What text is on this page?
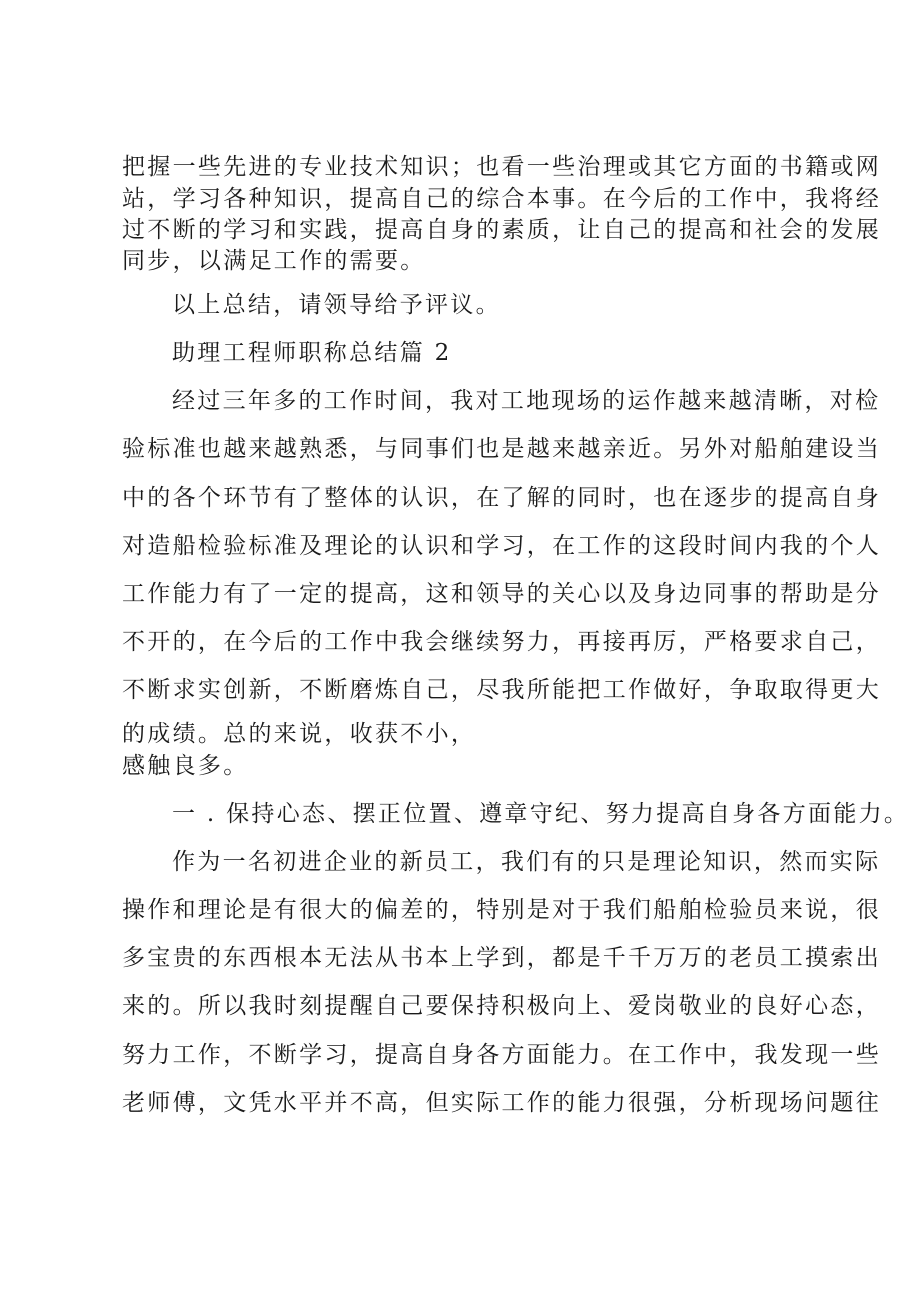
把握一些先进的专业技术知识；也看一些治理或其它方面的书籍或网
站，学习各种知识，提高自己的综合本事。在今后的工作中，我将经
过不断的学习和实践，提高自身的素质，让自己的提高和社会的发展
同步，以满足工作的需要。
以上总结，请领导给予评议。
助理工程师职称总结篇 2
经过三年多的工作时间，我对工地现场的运作越来越清晰，对检
验标准也越来越熟悉，与同事们也是越来越亲近。另外对船舶建设当
中的各个环节有了整体的认识，在了解的同时，也在逐步的提高自身
对造船检验标准及理论的认识和学习，在工作的这段时间内我的个人
工作能力有了一定的提高，这和领导的关心以及身边同事的帮助是分
不开的，在今后的工作中我会继续努力，再接再厉，严格要求自己，
不断求实创新，不断磨炼自己，尽我所能把工作做好，争取取得更大
的成绩。总的来说，收获不小，
感触良多。
一 . 保持心态、摆正位置、遵章守纪、努力提高自身各方面能力。
作为一名初进企业的新员工，我们有的只是理论知识，然而实际
操作和理论是有很大的偏差的，特别是对于我们船舶检验员来说，很
多宝贵的东西根本无法从书本上学到，都是千千万万的老员工摸索出
来的。所以我时刻提醒自己要保持积极向上、爱岗敬业的良好心态，
努力工作，不断学习，提高自身各方面能力。在工作中，我发现一些
老师傅，文凭水平并不高，但实际工作的能力很强，分析现场问题往
